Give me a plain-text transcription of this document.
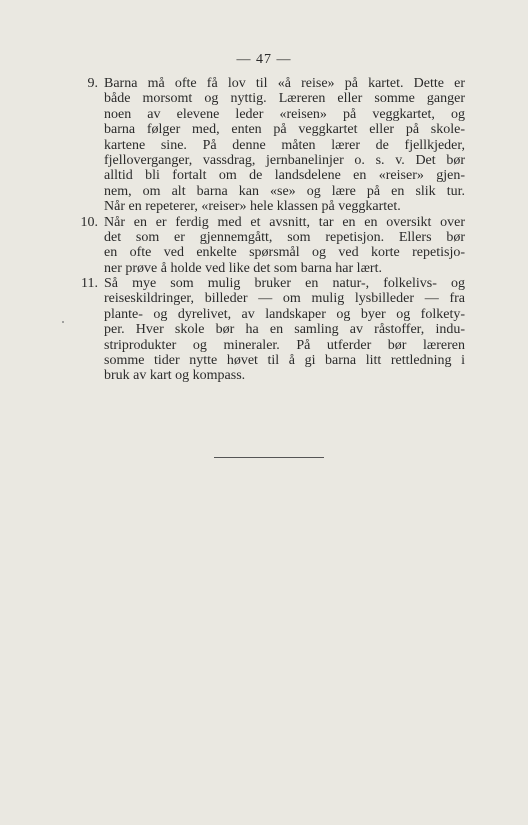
— 47 —
9. Barna må ofte få lov til «å reise» på kartet. Dette er
både morsomt og nyttig. Læreren eller somme ganger
noen av elevene leder «reisen» på veggkartet, og
barna følger med, enten på veggkartet eller på skole-
kartene sine. På denne måten lærer de fjellkjeder,
fjelloverganger, vassdrag, jernbanelinjer o. s. v. Det bør
alltid bli fortalt om de landsdelene en «reiser» gjen-
nem, om alt barna kan «se» og lære på en slik tur.
Når en repeterer, «reiser» hele klassen på veggkartet.
10. Når en er ferdig med et avsnitt, tar en en oversikt over
det som er gjennemgått, som repetisjon. Ellers bør
en ofte ved enkelte spørsmål og ved korte repetisjo-
ner prøve å holde ved like det som barna har lært.
11. Så mye som mulig bruker en natur-, folkelivs- og
reiseskildringer, billeder — om mulig lysbilleder — fra
plante- og dyrelivet, av landskaper og byer og folkety-
per. Hver skole bør ha en samling av råstoffer, indu-
striprodukter og mineraler. På utferder bør læreren
somme tider nytte høvet til å gi barna litt rettledning i
bruk av kart og kompass.
